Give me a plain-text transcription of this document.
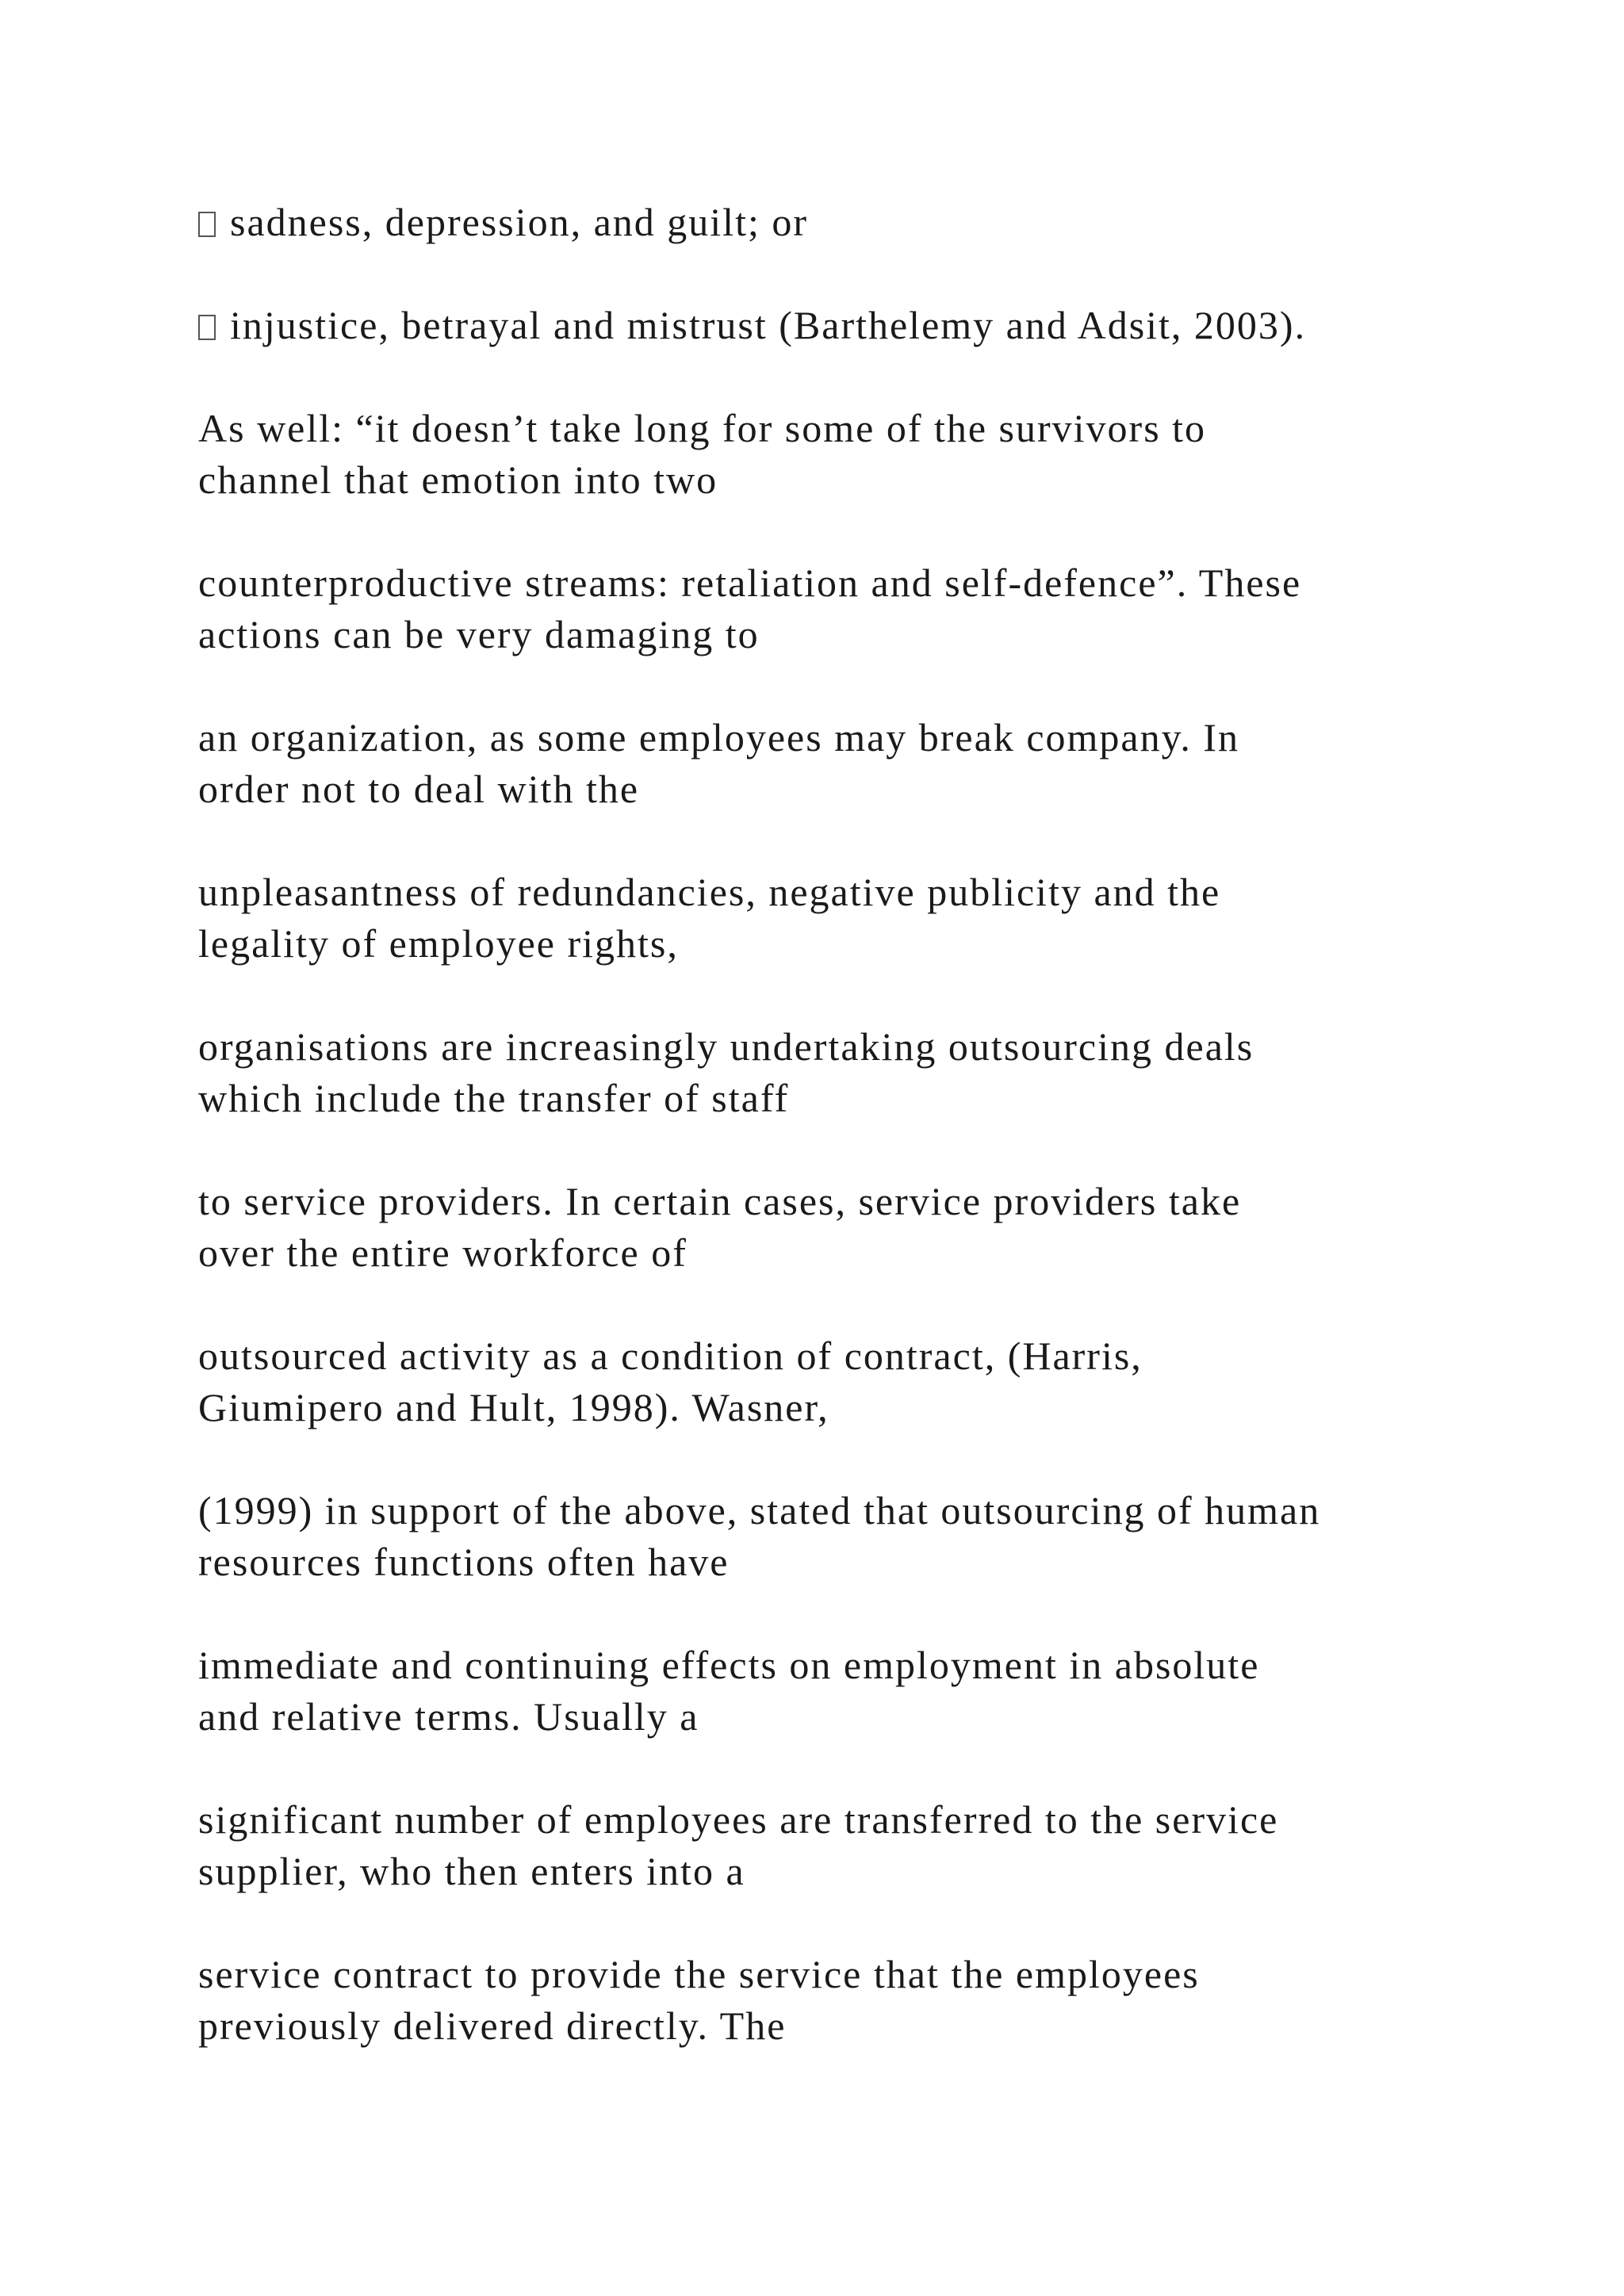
sadness, depression, and guilt; or

injustice, betrayal and mistrust (Barthelemy and Adsit, 2003).

As well: “it doesn’t take long for some of the survivors to
channel that emotion into two

counterproductive streams: retaliation and self-defence”. These
actions can be very damaging to

an organization, as some employees may break company. In
order not to deal with the

unpleasantness of redundancies, negative publicity and the
legality of employee rights,

organisations are increasingly undertaking outsourcing deals
which include the transfer of staff

to service providers. In certain cases, service providers take
over the entire workforce of

outsourced activity as a condition of contract, (Harris,
Giumipero and Hult, 1998). Wasner,

(1999) in support of the above, stated that outsourcing of human
resources functions often have

immediate and continuing effects on employment in absolute
and relative terms. Usually a

significant number of employees are transferred to the service
supplier, who then enters into a

service contract to provide the service that the employees
previously delivered directly. The
